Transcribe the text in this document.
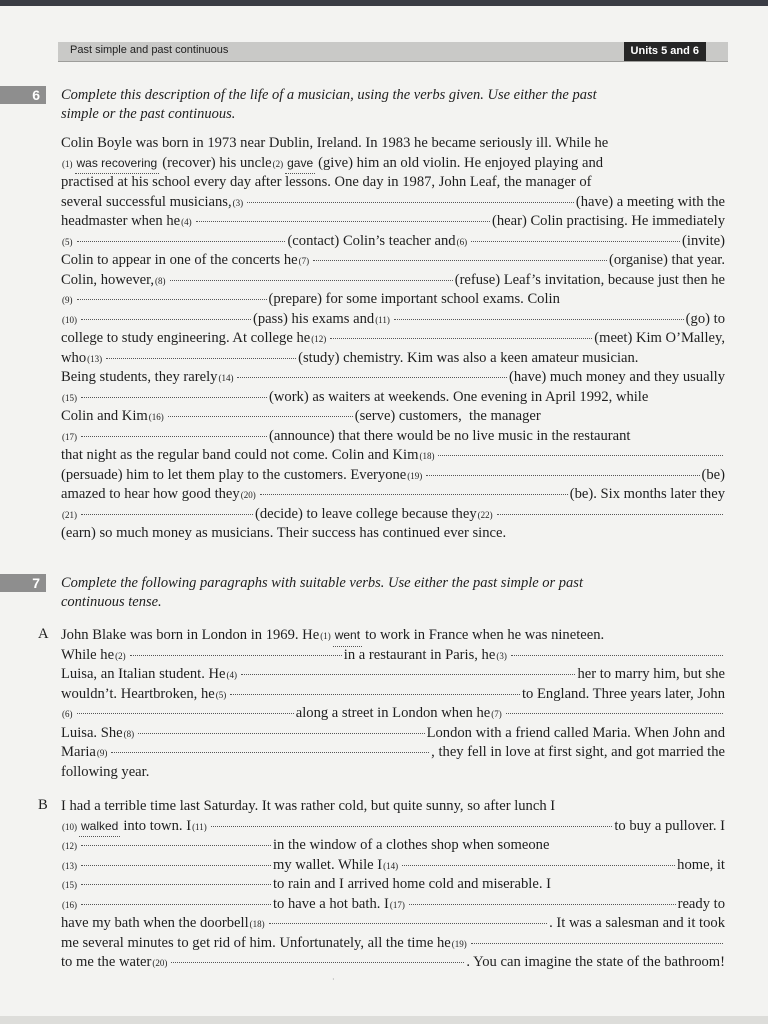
Past simple and past continuous	Units 5 and 6
6	Complete this description of the life of a musician, using the verbs given. Use either the past
simple or the past continuous.
Colin Boyle was born in 1973 near Dublin, Ireland. In 1983 he became seriously ill. While he
(1) was recovering (recover) his uncle (2) gave (give) him an old violin. He enjoyed playing and
practised at his school every day after lessons. One day in 1987, John Leaf, the manager of
several successful musicians, (3)	(have) a meeting with the
headmaster when he (4)	(hear) Colin practising. He immediately
(5)	(contact) Colin’s teacher and (6)	(invite)
Colin to appear in one of the concerts he (7)	(organise) that year.
Colin, however, (8)	(refuse) Leaf’s invitation, because just then he
(9)	(prepare) for some important school exams. Colin
(10)	(pass) his exams and (11)	(go) to
college to study engineering. At college he (12)	(meet) Kim O’Malley,
who (13)	(study) chemistry. Kim was also a keen amateur musician.
Being students, they rarely (14)	(have) much money and they usually
(15)	(work) as waiters at weekends. One evening in April 1992, while
Colin and Kim (16)	(serve) customers,  the manager
(17)	(announce) that there would be no live music in the restaurant
that night as the regular band could not come. Colin and Kim (18)
(persuade) him to let them play to the customers. Everyone (19)	(be)
amazed to hear how good they (20)	(be). Six months later they
(21)	(decide) to leave college because they (22)
(earn) so much money as musicians. Their success has continued ever since.
7	Complete the following paragraphs with suitable verbs. Use either the past simple or past
continuous tense.
A John Blake was born in London in 1969. He (1) went to work in France when he was nineteen.
While he (2)	in a restaurant in Paris, he (3)
Luisa, an Italian student. He (4)	her to marry him, but she
wouldn’t. Heartbroken, he (5)	to England. Three years later, John
(6)	along a street in London when he (7)
Luisa. She (8)	London with a friend called Maria. When John and
Maria (9)	, they fell in love at first sight, and got married the
following year.
B I had a terrible time last Saturday. It was rather cold, but quite sunny, so after lunch I
(10) walked into town. I (11)	to buy a pullover. I
(12)	in the window of a clothes shop when someone
(13)	my wallet. While I (14)	home, it
(15)	to rain and I arrived home cold and miserable. I
(16)	to have a hot bath. I (17)	ready to
have my bath when the doorbell (18)	. It was a salesman and it took
me several minutes to get rid of him. Unfortunately, all the time he (19)
to me the water (20)	. You can imagine the state of the bathroom!
·
